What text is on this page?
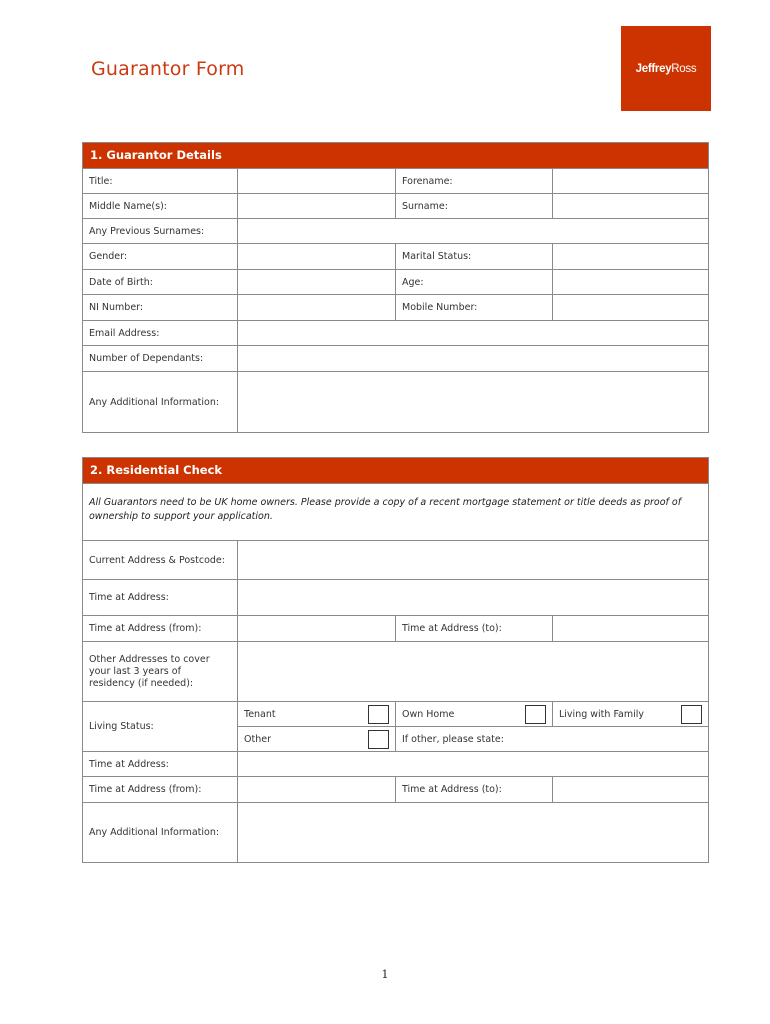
Guarantor Form	Jeffrey Ross
1. Guarantor Details
Title:	Forename:
Middle Name(s):	Surname:
Any Previous Surnames:
Gender:	Marital Status:
Date of Birth:	Age:
NI Number:	Mobile Number:
Email Address:
Number of Dependants:
Any Additional Information:
2. Residential Check
All Guarantors need to be UK home owners. Please provide a copy of a recent mortgage statement or title deeds as proof of ownership to support your application.
Current Address & Postcode:
Time at Address:
Time at Address (from):	Time at Address (to):
Other Addresses to cover your last 3 years of residency (if needed):
Living Status:
Tenant	Own Home	Living with Family
Other	If other, please state:
Time at Address:
Time at Address (from):	Time at Address (to):
Any Additional Information:
1
